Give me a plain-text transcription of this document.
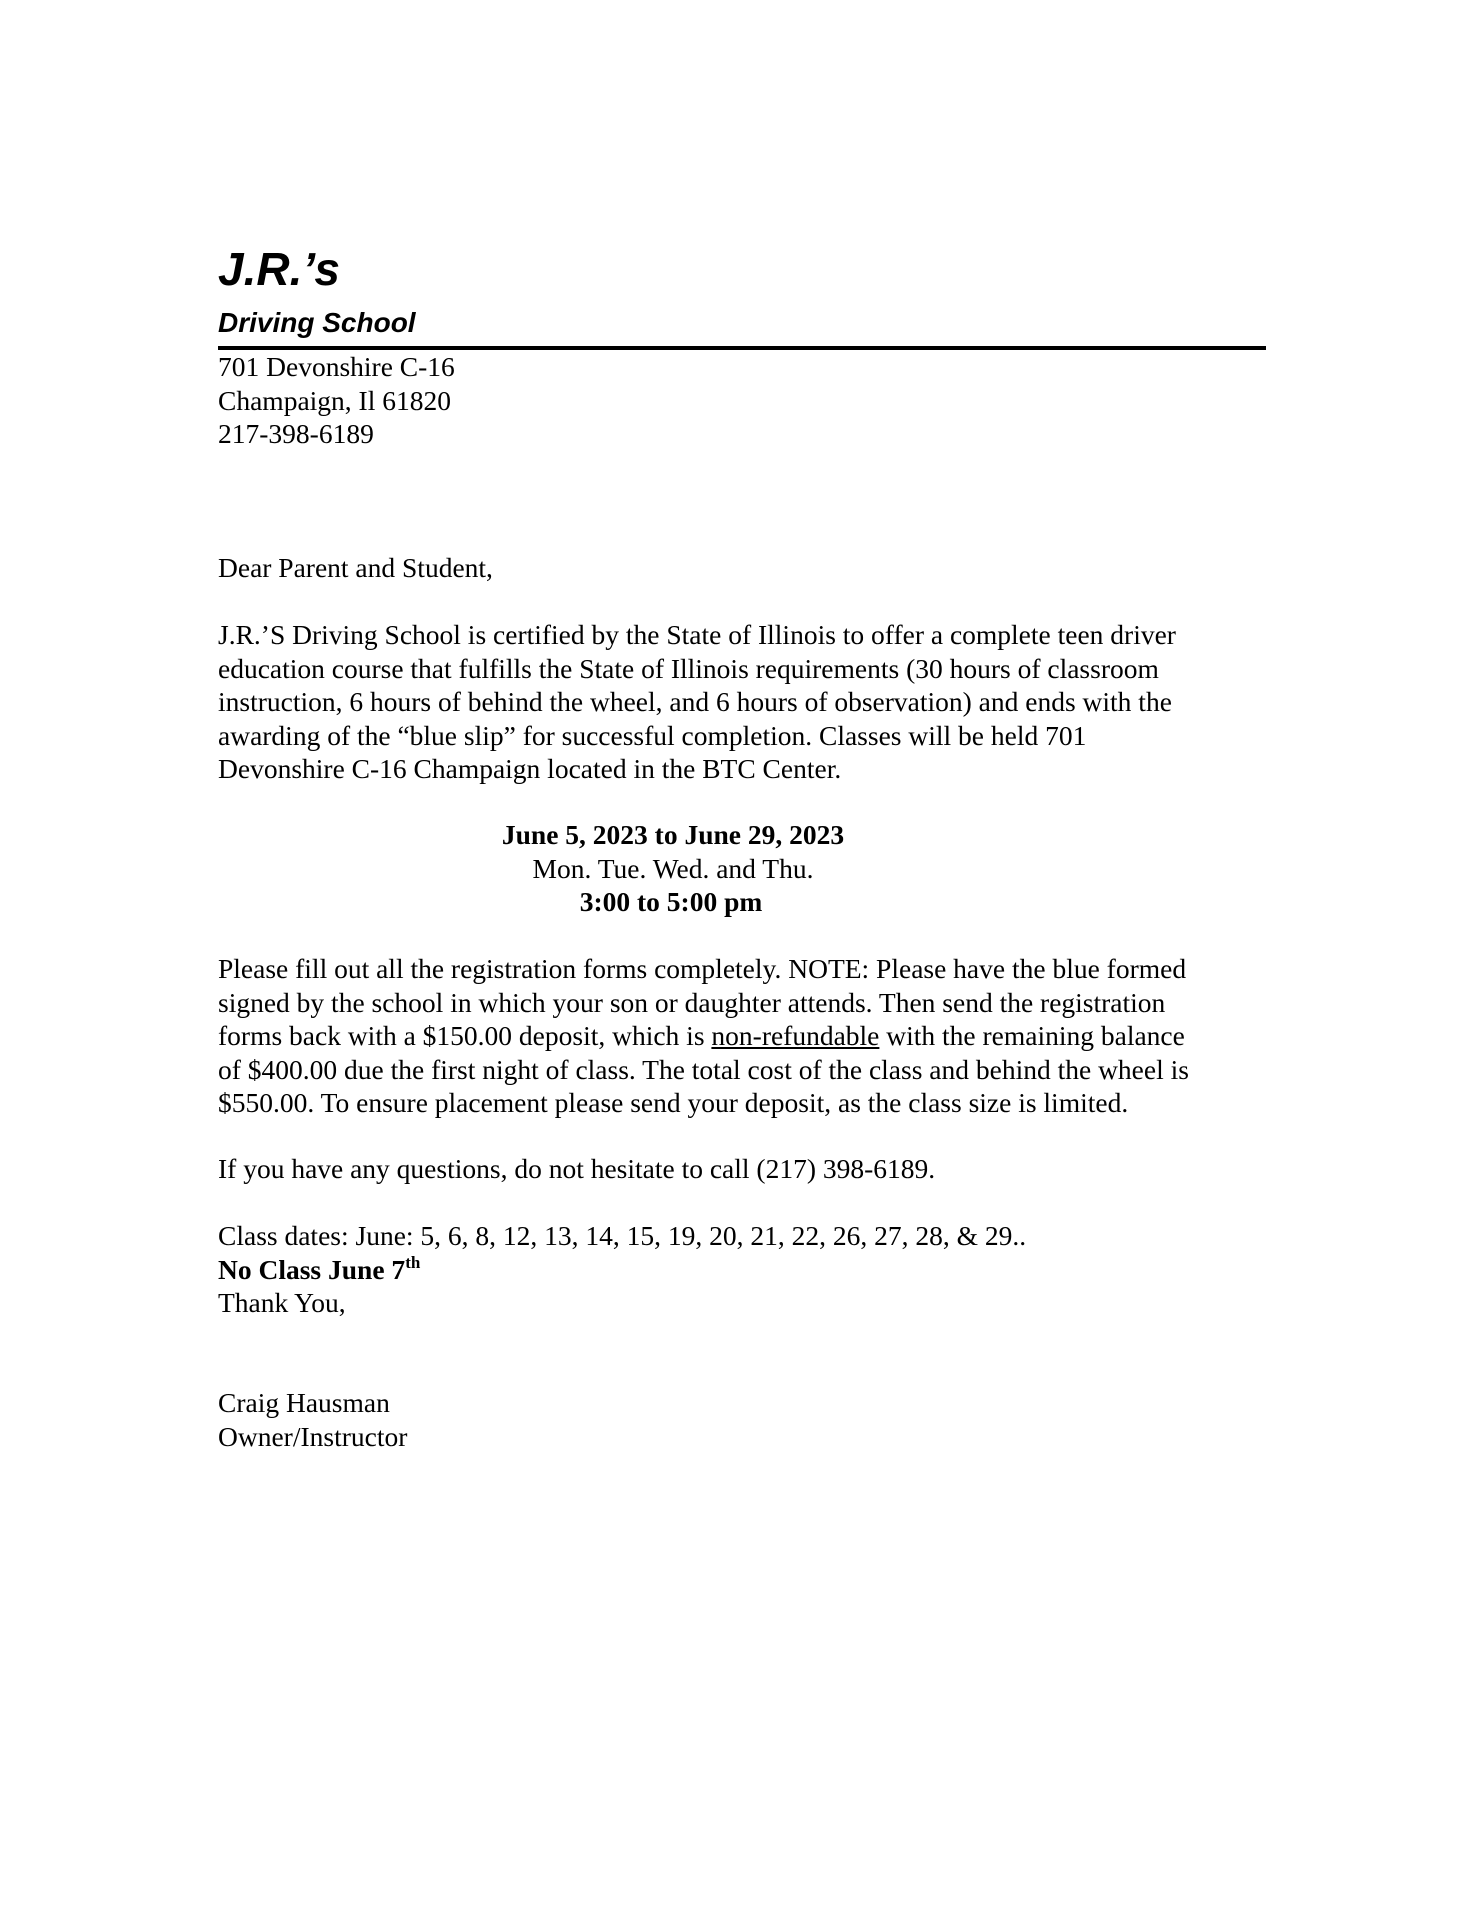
J.R.’s
Driving School
701 Devonshire C-16
Champaign, Il 61820
217-398-6189
Dear Parent and Student,
J.R.’S Driving School is certified by the State of Illinois to offer a complete teen driver
education course that fulfills the State of Illinois requirements (30 hours of classroom
instruction, 6 hours of behind the wheel, and 6 hours of observation) and ends with the
awarding of the “blue slip” for successful completion. Classes will be held 701
Devonshire C-16 Champaign located in the BTC Center.
June 5, 2023 to June 29, 2023
Mon. Tue. Wed. and Thu.
3:00 to 5:00 pm
Please fill out all the registration forms completely. NOTE: Please have the blue formed
signed by the school in which your son or daughter attends. Then send the registration
forms back with a $150.00 deposit, which is non-refundable with the remaining balance
of $400.00 due the first night of class. The total cost of the class and behind the wheel is
$550.00. To ensure placement please send your deposit, as the class size is limited.
If you have any questions, do not hesitate to call (217) 398-6189.
Class dates: June: 5, 6, 8, 12, 13, 14, 15, 19, 20, 21, 22, 26, 27, 28, & 29..
No Class June 7th
Thank You,
Craig Hausman
Owner/Instructor
